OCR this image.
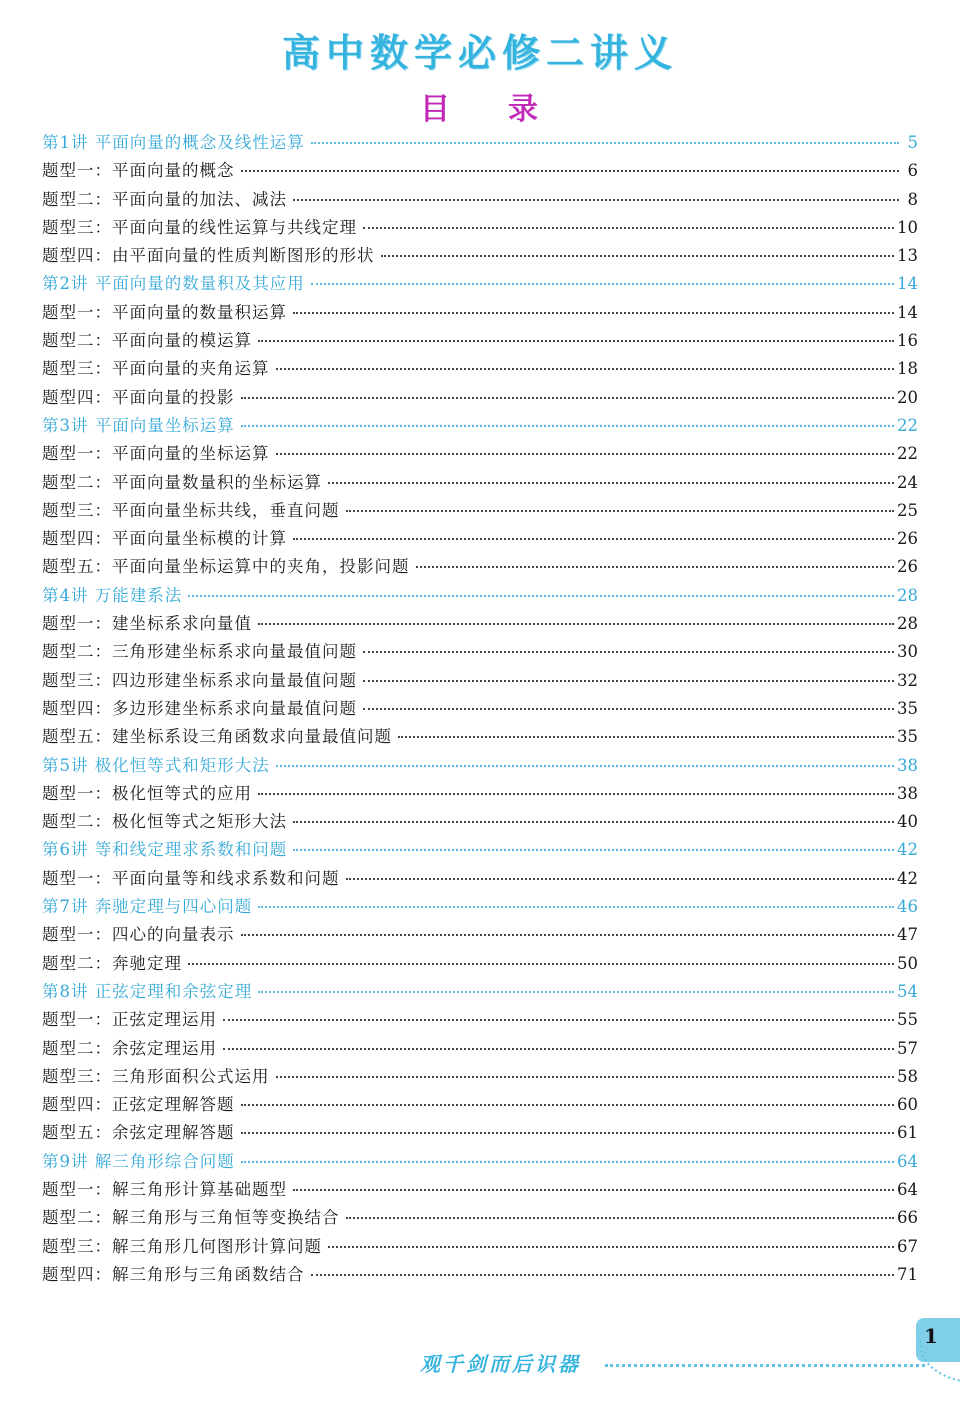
高中数学必修二讲义
目 录
第1讲 平面向量的概念及线性运算	5
题型一：平面向量的概念	6
题型二：平面向量的加法、减法	8
题型三：平面向量的线性运算与共线定理	10
题型四：由平面向量的性质判断图形的形状	13
第2讲 平面向量的数量积及其应用	14
题型一：平面向量的数量积运算	14
题型二：平面向量的模运算	16
题型三：平面向量的夹角运算	18
题型四：平面向量的投影	20
第3讲 平面向量坐标运算	22
题型一：平面向量的坐标运算	22
题型二：平面向量数量积的坐标运算	24
题型三：平面向量坐标共线，垂直问题	25
题型四：平面向量坐标模的计算	26
题型五：平面向量坐标运算中的夹角，投影问题	26
第4讲 万能建系法	28
题型一：建坐标系求向量值	28
题型二：三角形建坐标系求向量最值问题	30
题型三：四边形建坐标系求向量最值问题	32
题型四：多边形建坐标系求向量最值问题	35
题型五：建坐标系设三角函数求向量最值问题	35
第5讲 极化恒等式和矩形大法	38
题型一：极化恒等式的应用	38
题型二：极化恒等式之矩形大法	40
第6讲 等和线定理求系数和问题	42
题型一：平面向量等和线求系数和问题	42
第7讲 奔驰定理与四心问题	46
题型一：四心的向量表示	47
题型二：奔驰定理	50
第8讲 正弦定理和余弦定理	54
题型一：正弦定理运用	55
题型二：余弦定理运用	57
题型三：三角形面积公式运用	58
题型四：正弦定理解答题	60
题型五：余弦定理解答题	61
第9讲 解三角形综合问题	64
题型一：解三角形计算基础题型	64
题型二：解三角形与三角恒等变换结合	66
题型三：解三角形几何图形计算问题	67
题型四：解三角形与三角函数结合	71
1
观千剑而后识器
